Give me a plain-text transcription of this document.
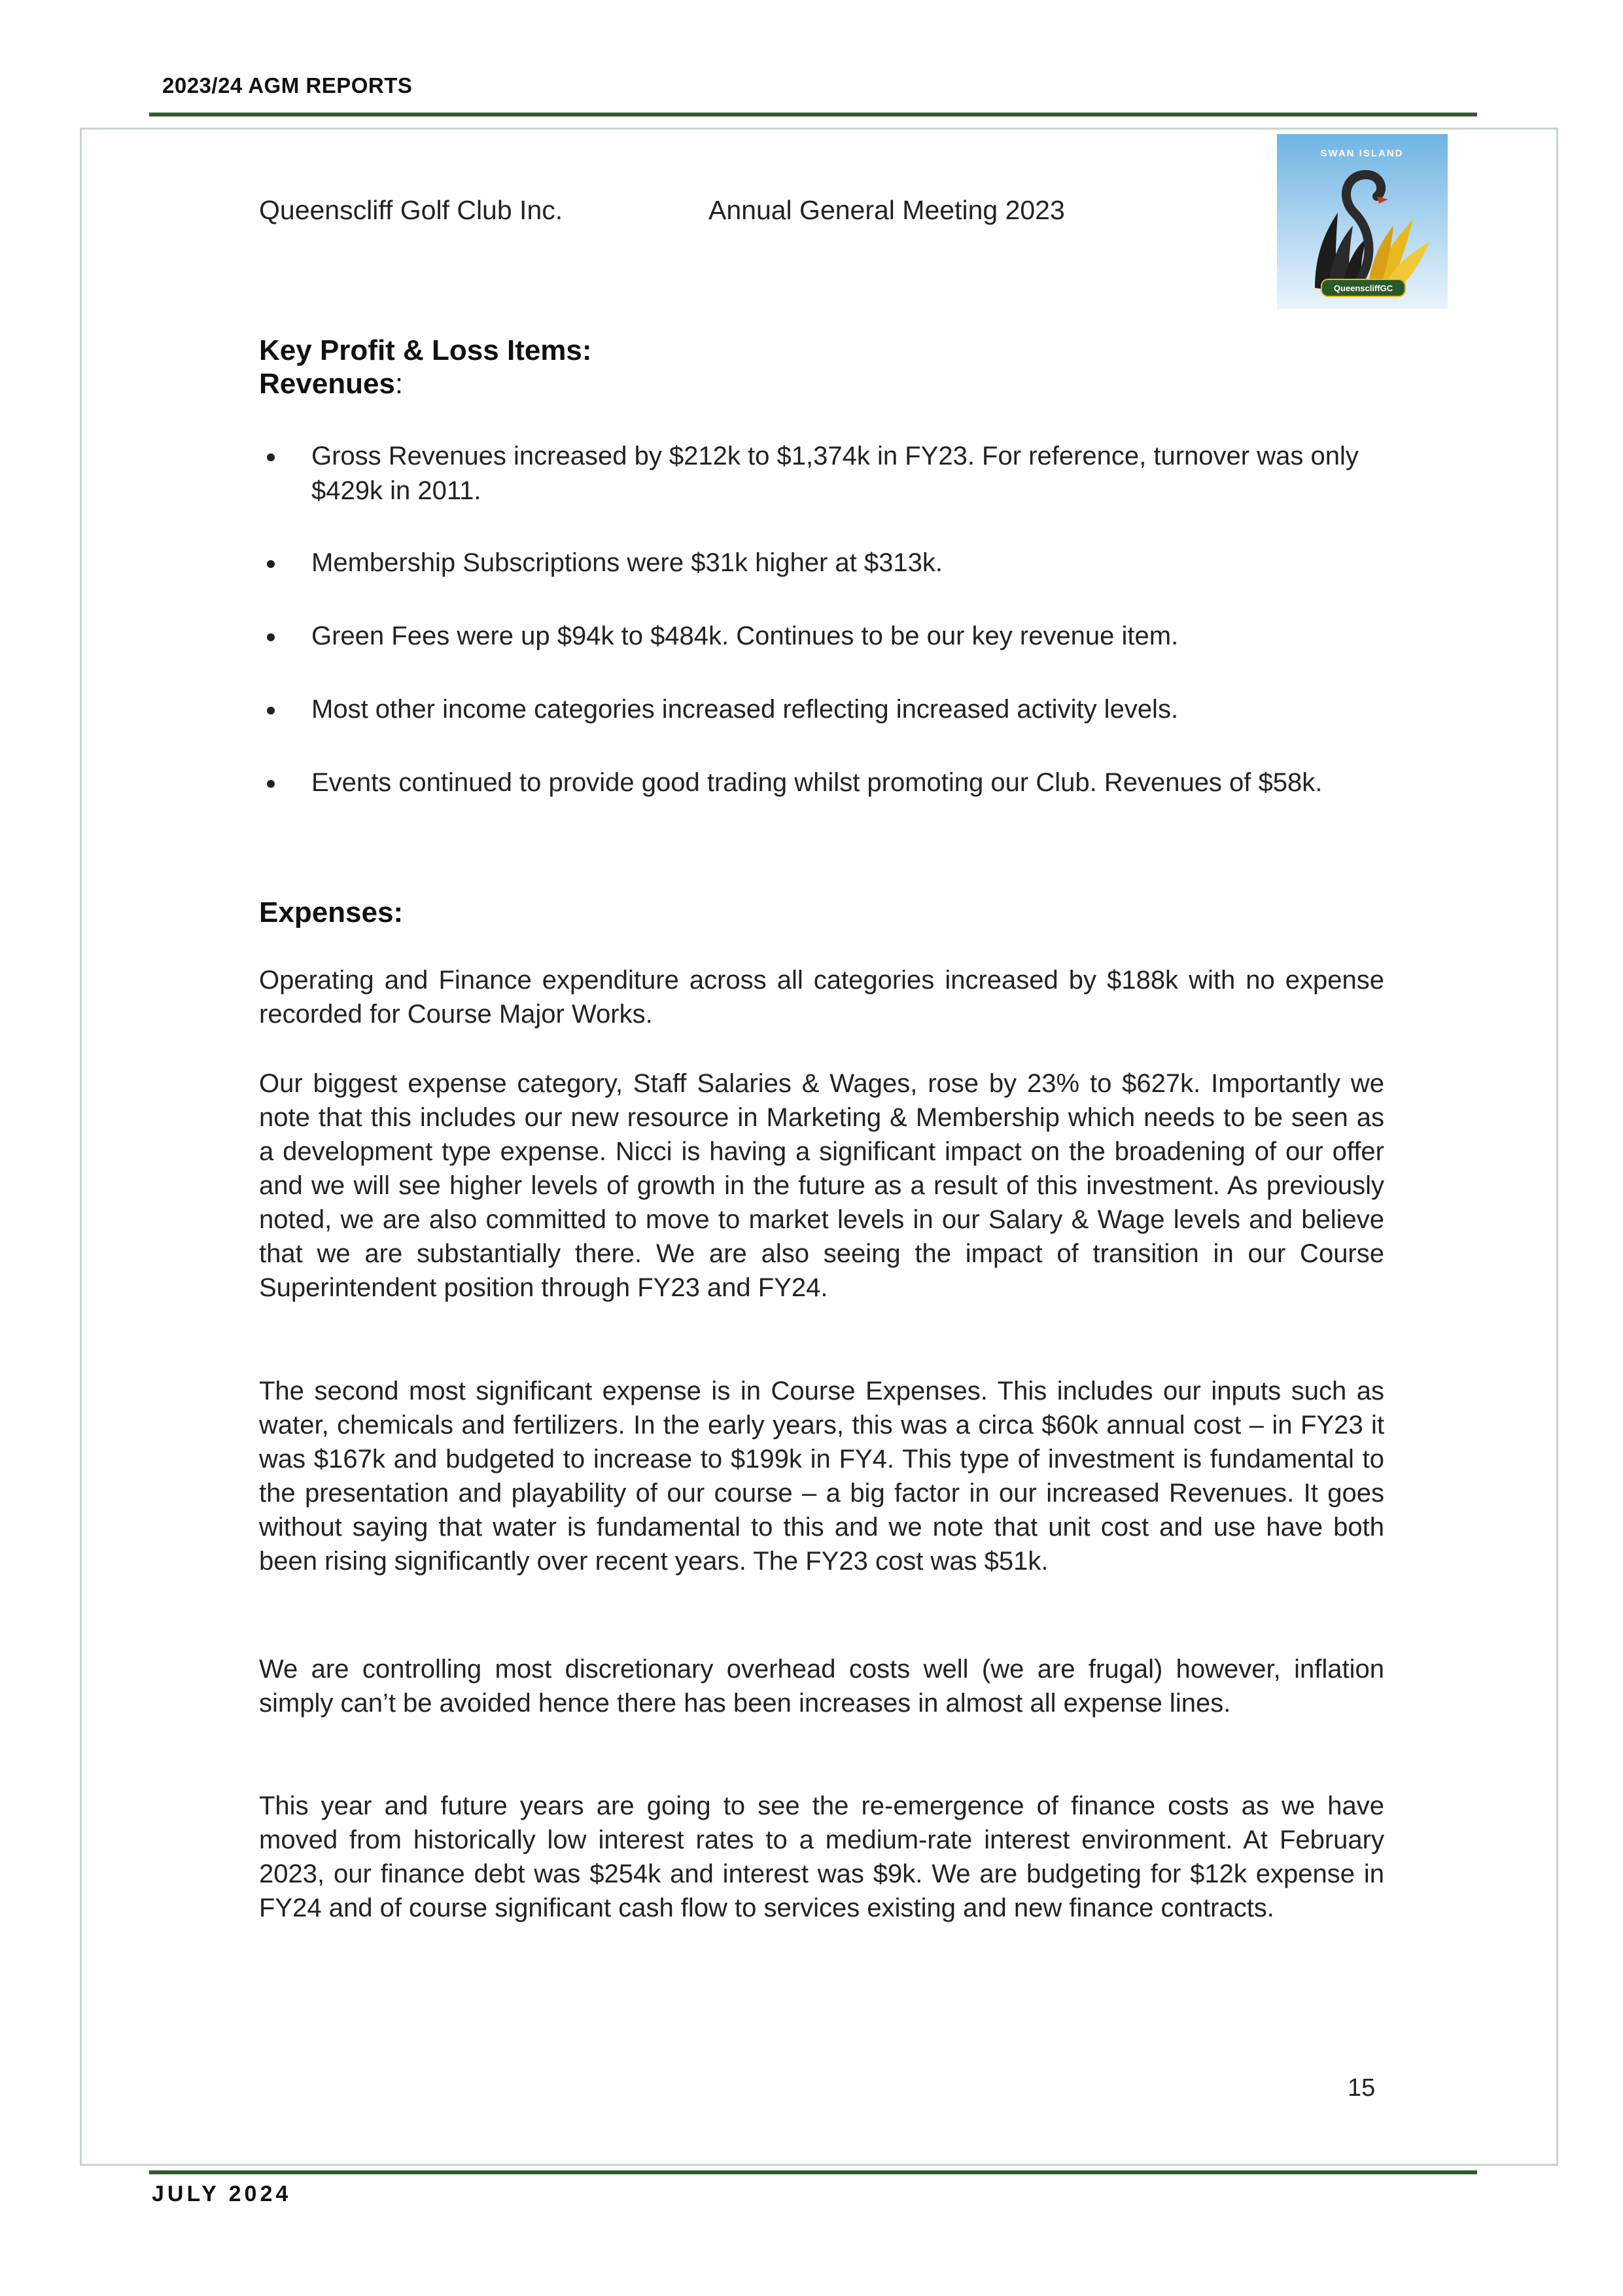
2023/24 AGM REPORTS
Queenscliff Golf Club Inc.	Annual General Meeting 2023
SWAN ISLAND
QueenscliffGC
Key Profit & Loss Items:
Revenues:
Gross Revenues increased by $212k to $1,374k in FY23. For reference, turnover was only $429k in 2011.
Membership Subscriptions were $31k higher at $313k.
Green Fees were up $94k to $484k. Continues to be our key revenue item.
Most other income categories increased reflecting increased activity levels.
Events continued to provide good trading whilst promoting our Club. Revenues of $58k.
Expenses:

Operating and Finance expenditure across all categories increased by $188k with no expense recorded for Course Major Works.

Our biggest expense category, Staff Salaries & Wages, rose by 23% to $627k. Importantly we note that this includes our new resource in Marketing & Membership which needs to be seen as a development type expense. Nicci is having a significant impact on the broadening of our offer and we will see higher levels of growth in the future as a result of this investment. As previously noted, we are also committed to move to market levels in our Salary & Wage levels and believe that we are substantially there. We are also seeing the impact of transition in our Course Superintendent position through FY23 and FY24.

The second most significant expense is in Course Expenses. This includes our inputs such as water, chemicals and fertilizers. In the early years, this was a circa $60k annual cost – in FY23 it was $167k and budgeted to increase to $199k in FY4. This type of investment is fundamental to the presentation and playability of our course – a big factor in our increased Revenues. It goes without saying that water is fundamental to this and we note that unit cost and use have both been rising significantly over recent years. The FY23 cost was $51k.

We are controlling most discretionary overhead costs well (we are frugal) however, inflation simply can’t be avoided hence there has been increases in almost all expense lines.

This year and future years are going to see the re-emergence of finance costs as we have moved from historically low interest rates to a medium-rate interest environment. At February 2023, our finance debt was $254k and interest was $9k. We are budgeting for $12k expense in FY24 and of course significant cash flow to services existing and new finance contracts.

15
JULY 2024
